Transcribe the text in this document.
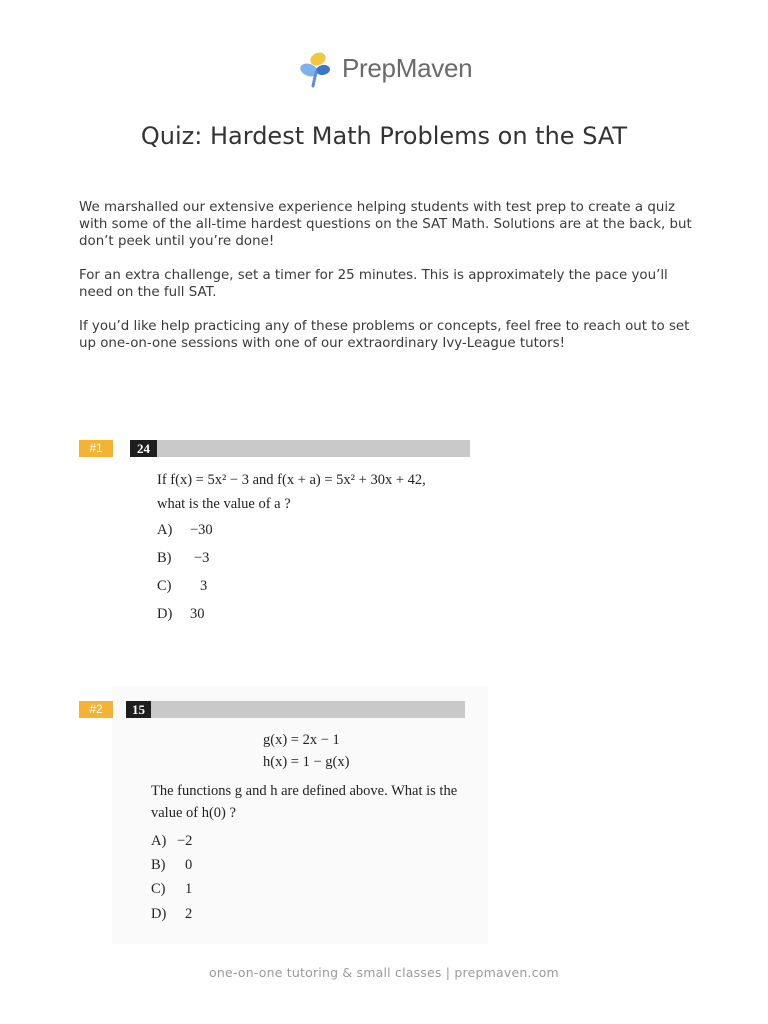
PrepMaven
Quiz: Hardest Math Problems on the SAT

We marshalled our extensive experience helping students with test prep to create a quiz with some of the all-time hardest questions on the SAT Math. Solutions are at the back, but don’t peek until you’re done!

For an extra challenge, set a timer for 25 minutes. This is approximately the pace you’ll need on the full SAT.

If you’d like help practicing any of these problems or concepts, feel free to reach out to set up one-on-one sessions with one of our extraordinary Ivy-League tutors!

#1	24
If f(x) = 5x² − 3 and f(x + a) = 5x² + 30x + 42,
what is the value of a ?
A) −30
B) −3
C) 3
D) 30
#2	15
g(x) = 2x − 1
h(x) = 1 − g(x)
The functions g and h are defined above. What is the
value of h(0) ?
A) −2
B) 0
C) 1
D) 2
one-on-one tutoring & small classes | prepmaven.com
